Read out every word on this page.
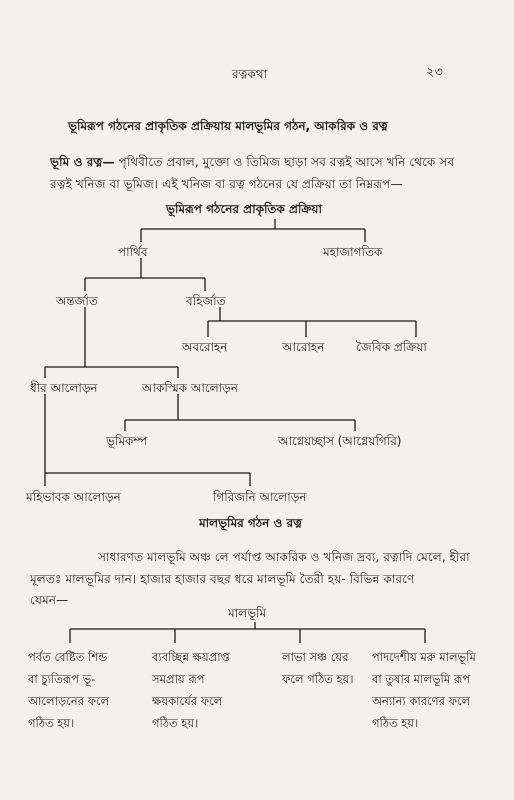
রত্নকথা	২৩
ভূমিরূপ গঠনের প্রাকৃতিক প্রক্রিয়ায় মালভূমির গঠন, আকরিক ও রত্ন
ভূমি ও রত্ন— পৃথিবীতে প্রবাল, মুক্তো ও তিমিজ ছাড়া সব রত্নই আসে খনি থেকে সব
রত্নই খনিজ বা ভূমিজ। এই খনিজ বা রত্ন গঠনের যে প্রক্রিয়া তা নিম্নরূপ—
ভূমিরূপ গঠনের প্রাকৃতিক প্রক্রিয়া
পার্থিব	মহাজাগতিক
অন্তর্জাত	বহির্জাত
অবরোহন	আরোহন	জৈবিক প্রক্রিয়া
ধীর আলোড়ন	আকস্মিক আলোড়ন
ভূমিকম্প	আগ্নেয়চ্ছাস (আগ্নেয়গিরি)
মহিভাবক আলোড়ন	গিরিজনি আলোড়ন
মালভূমির গঠন ও রত্ন
সাধারণত মালভূমি অঞ্চ লে পর্যাপ্ত আকরিক ও খনিজ দ্রব্য, রত্নাদি মেলে, হীরা
মূলতঃ মালভূমির দান। হাজার হাজার বছর ধরে মালভূমি তৈরী হয়- বিভিন্ন কারণে
যেমন—
মালভূমি
পর্বত বেষ্টিত শিন্ড
বা চ্যুতিরূপ ভূ-
আলোড়নের ফলে
গঠিত হয়।
ব্যবচ্ছিন্ন ক্ষয়প্রাপ্ত
সমপ্রায় রূপ
ক্ষয়কার্যের ফলে
গঠিত হয়।
লাভা সঞ্চ য়ের
ফলে গঠিত হয়।
পাদদেশীয় মরু মালভূমি
বা তুষার মালভূমি রূপ
অন্যান্য কারণের ফলে
গঠিত হয়।
